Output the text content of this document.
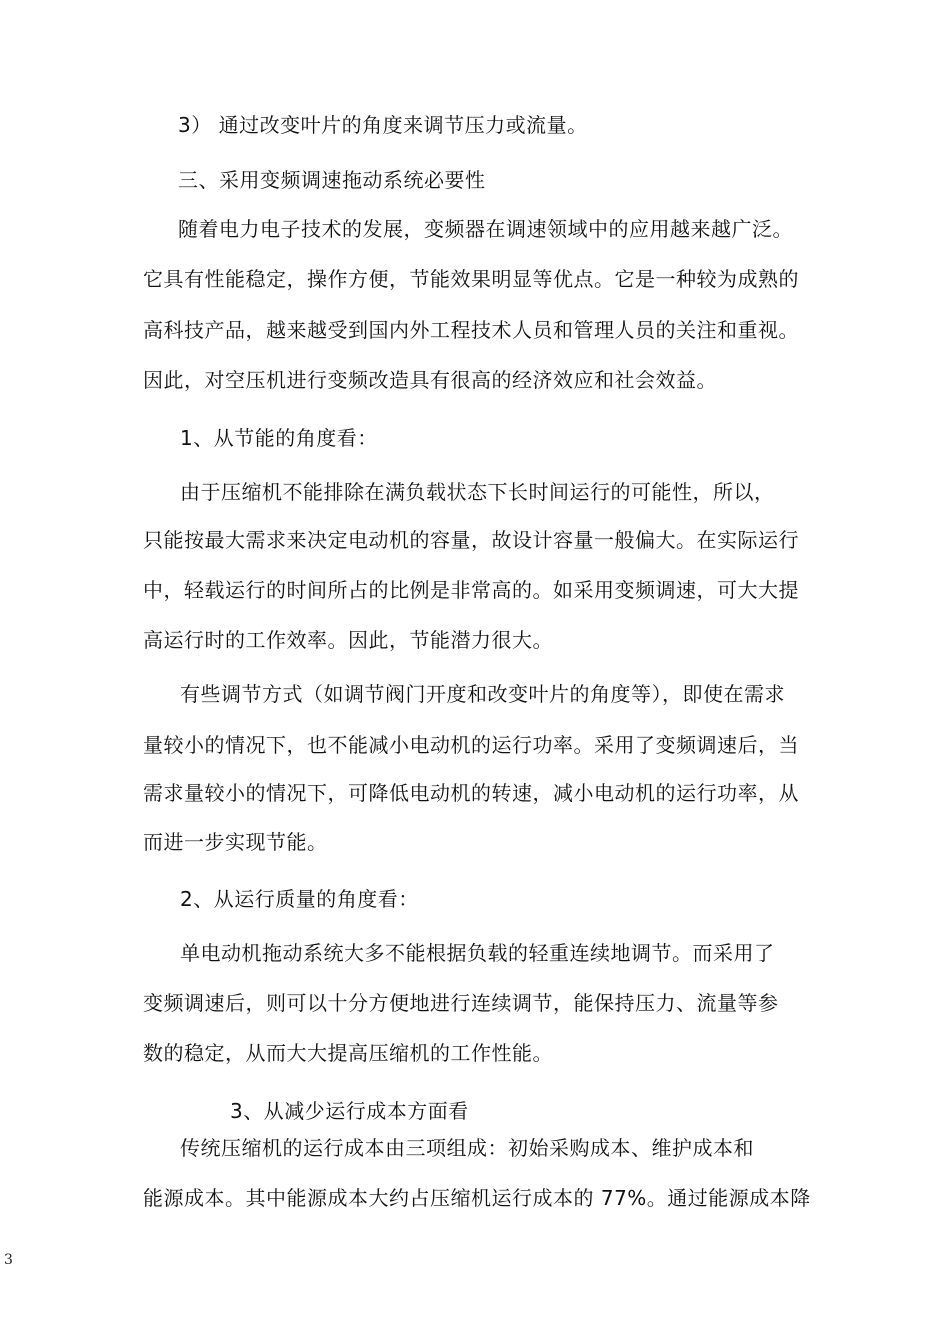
3） 通过改变叶片的角度来调节压力或流量。
三、采用变频调速拖动系统必要性
随着电力电子技术的发展，变频器在调速领域中的应用越来越广泛。
它具有性能稳定，操作方便，节能效果明显等优点。它是一种较为成熟的
高科技产品，越来越受到国内外工程技术人员和管理人员的关注和重视。
因此，对空压机进行变频改造具有很高的经济效应和社会效益。
1、从节能的角度看：
由于压缩机不能排除在满负载状态下长时间运行的可能性，所以，
只能按最大需求来决定电动机的容量，故设计容量一般偏大。在实际运行
中，轻载运行的时间所占的比例是非常高的。如采用变频调速，可大大提
高运行时的工作效率。因此，节能潜力很大。
有些调节方式（如调节阀门开度和改变叶片的角度等），即使在需求
量较小的情况下，也不能减小电动机的运行功率。采用了变频调速后，当
需求量较小的情况下，可降低电动机的转速，减小电动机的运行功率，从
而进一步实现节能。
2、从运行质量的角度看：
单电动机拖动系统大多不能根据负载的轻重连续地调节。而采用了
变频调速后，则可以十分方便地进行连续调节，能保持压力、流量等参
数的稳定，从而大大提高压缩机的工作性能。
3、从减少运行成本方面看
传统压缩机的运行成本由三项组成：初始采购成本、维护成本和
能源成本。其中能源成本大约占压缩机运行成本的 77%。通过能源成本降
3
